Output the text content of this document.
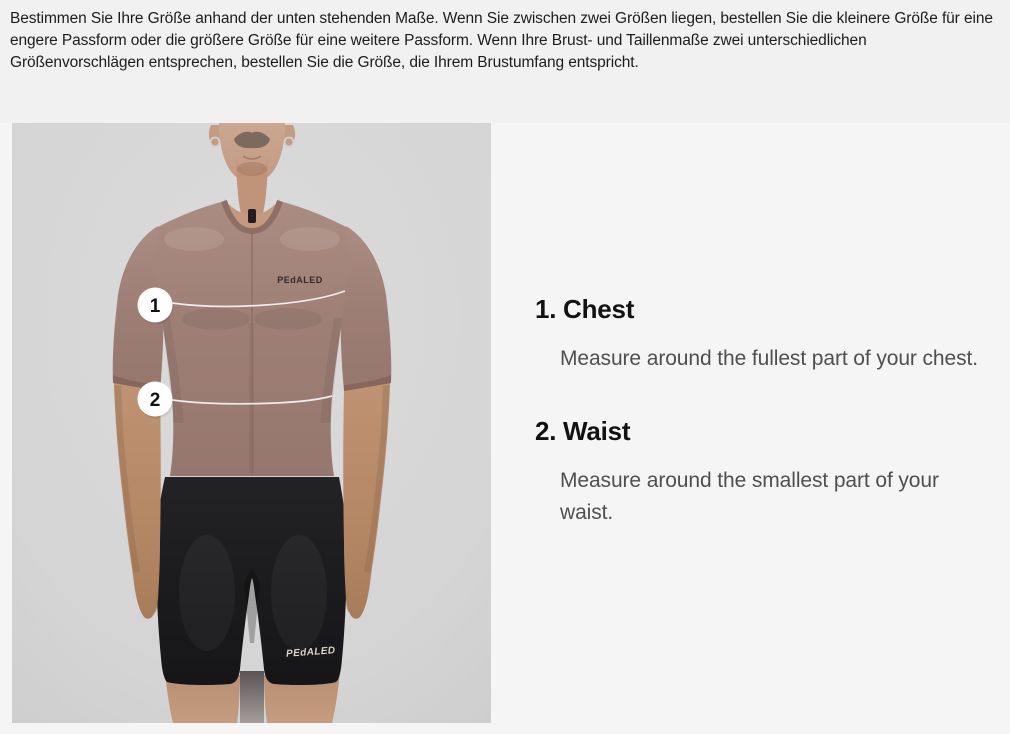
Bestimmen Sie Ihre Größe anhand der unten stehenden Maße. Wenn Sie zwischen zwei Größen liegen, bestellen Sie die kleinere Größe für eine engere Passform oder die größere Größe für eine weitere Passform. Wenn Ihre Brust- und Taillenmaße zwei unterschiedlichen Größenvorschlägen entsprechen, bestellen Sie die Größe, die Ihrem Brustumfang entspricht.

PEdALED
PEdALED
1
2
1. Chest

Measure around the fullest part of your chest.

2. Waist

Measure around the smallest part of your waist.
